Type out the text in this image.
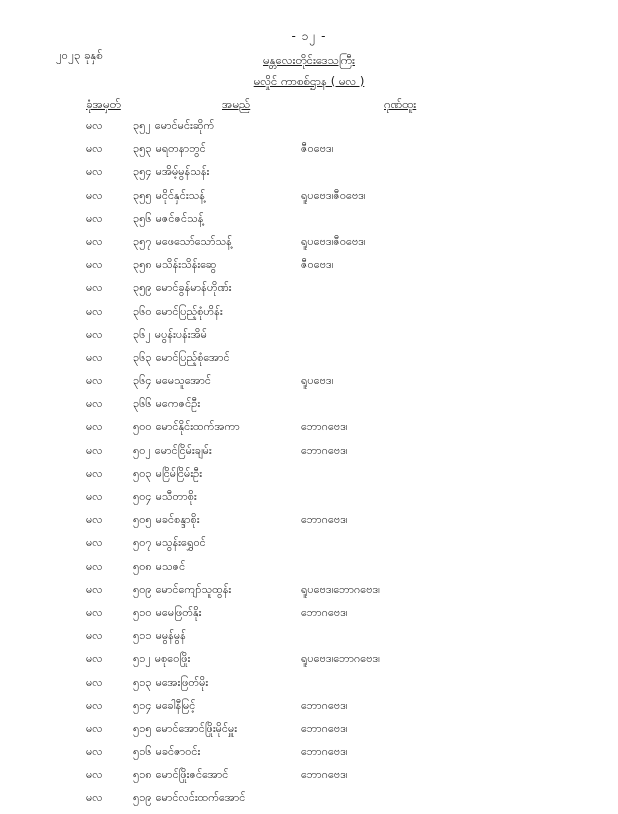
- ၁၂ -
၂၀၂၃ ခုနှစ်	မန္တလေးတိုင်းဒေသကြီး
မလှိုင် ကာစစ်ဌာန ( မလ )
ခုံအမှတ်	အမည်	ဂုဏ်ထူး
မလ	၃၅၂ မောင်မင်းဆိုက်
မလ	၃၅၃ မရတနာဘွင်	ဇီဝဗေဒ၊
မလ	၃၅၄ မအိမ့်မွန်သန်း
မလ	၃၅၅ မငိုင်နှင်းသန့်	ရူပဗေဒ၊ဇီဝဗေဒ၊
မလ	၃၅၆ မဇင်ဇင်သန့်
မလ	၃၅၇ မဖေသော်သော်သန့်	ရူပဗေဒ၊ဇီဝဗေဒ၊
မလ	၃၅၈ မသိန်းသိန်းဆွေ	ဇီဝဗေဒ၊
မလ	၃၅၉ မောင်ခွန်မာန်ဟိုဏ်း
မလ	၃၆၀ မောင်ပြည့်စုံဟိန်း
မလ	၃၆၂ မပွန်းပန်းအိမ်
မလ	၃၆၃ မောင်ပြည့်စုံအောင်
မလ	၃၆၄ မမေသူအောင်	ရူပဗေဒ၊
မလ	၃၆၆ မကေဇင်ဦး
မလ	၅၀၀ မောင်နိုင်းထက်အကာ	ဘောဂဗေဒ၊
မလ	၅၀၂ မောင်ငြိမ်းချမ်း	ဘောဂဗေဒ၊
မလ	၅၀၃ မငြိမ်ငြိမ်းဦး
မလ	၅၀၄ မသီတာစိုး
မလ	၅၀၅ မခင်စန္ဒာစိုး	ဘောဂဗေဒ၊
မလ	၅၀၇ မသွန်းရွှေဝင်
မလ	၅၀၈ မသဇင်
မလ	၅၀၉ မောင်ကျော်သူထွန်း	ရူပဗေဒ၊ဘောဂဗေဒ၊
မလ	၅၁၀ မမေဖြတ်နိုး	ဘောဂဗေဒ၊
မလ	၅၁၁ မမွန်မွန်
မလ	၅၁၂ မစုဝေဖြိုး	ရူပဗေဒ၊ဘောဂဗေဒ၊
မလ	၅၁၃ မအေးဖြတ်မိုး
မလ	၅၁၄ မခေါနီမြင့်	ဘောဂဗေဒ၊
မလ	၅၁၅ မောင်အောင်ဖြိုးမိုင်မှူး	ဘောဂဗေဒ၊
မလ	၅၁၆ မခင်ဇာဝင်း	ဘောဂဗေဒ၊
မလ	၅၁၈ မောင်ဖြိုးဇင်အောင်	ဘောဂဗေဒ၊
မလ	၅၁၉ မောင်လင်းထက်အောင်
